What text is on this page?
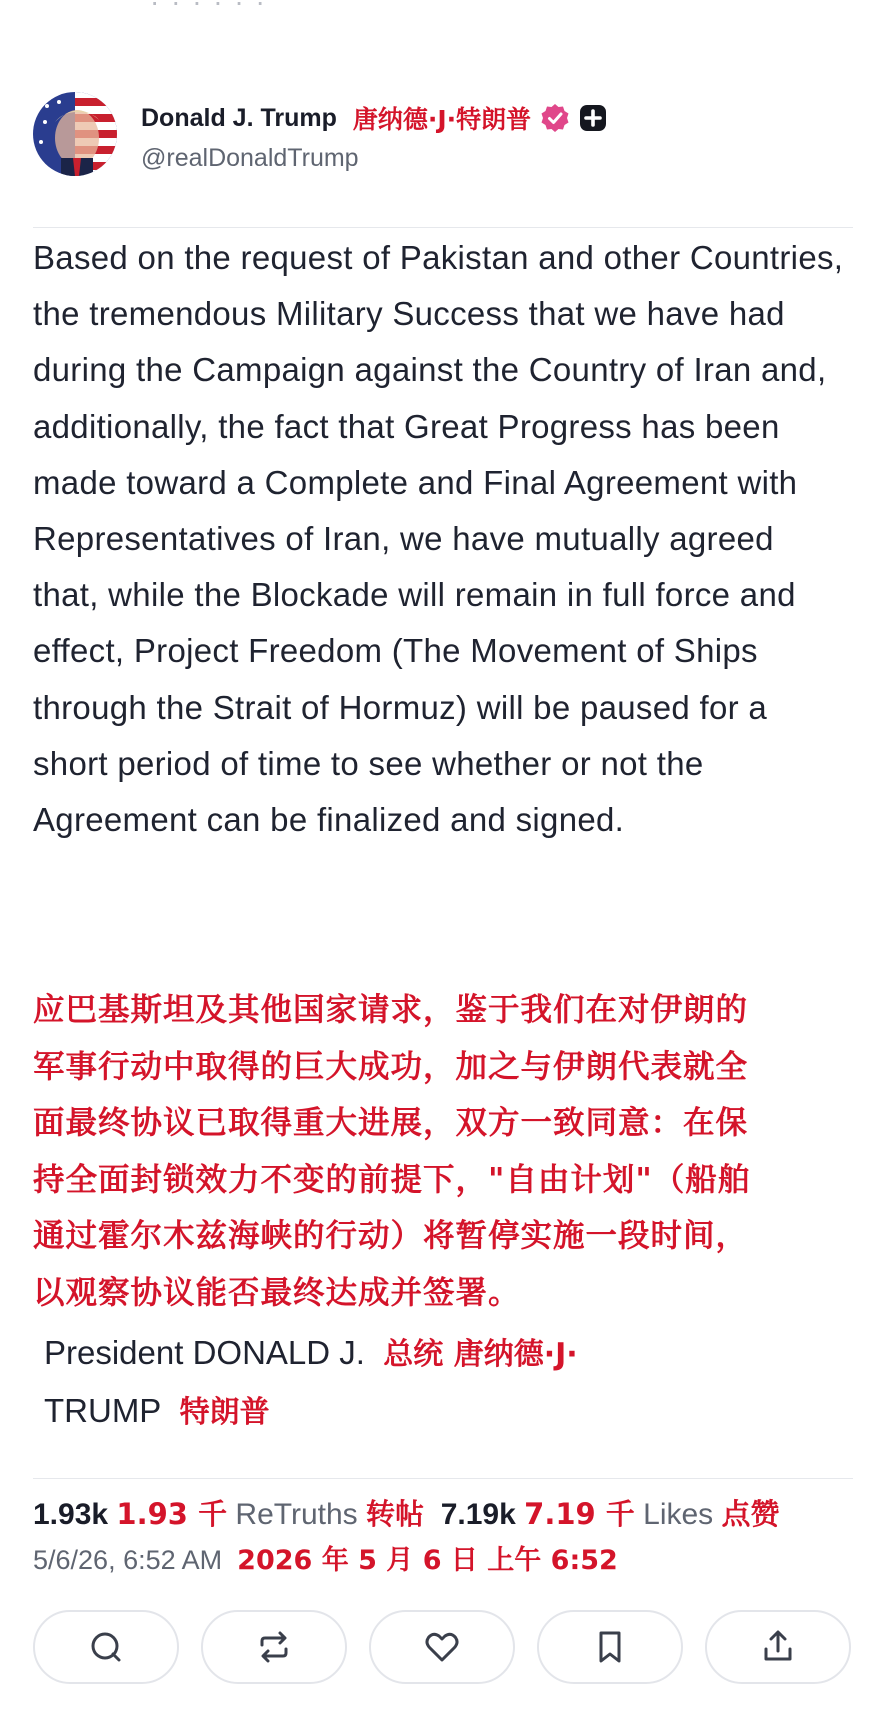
· · · · · ·
Donald J. Trump 唐纳德·J·特朗普
@realDonaldTrump
Based on the request of Pakistan and other Countries, the tremendous Military Success that we have had during the Campaign against the Country of Iran and, additionally, the fact that Great Progress has been made toward a Complete and Final Agreement with Representatives of Iran, we have mutually agreed that, while the Blockade will remain in full force and effect, Project Freedom (The Movement of Ships through the Strait of Hormuz) will be paused for a short period of time to see whether or not the Agreement can be finalized and signed.
应巴基斯坦及其他国家请求，鉴于我们在对伊朗的
军事行动中取得的巨大成功，加之与伊朗代表就全
面最终协议已取得重大进展，双方一致同意：在保
持全面封锁效力不变的前提下，"自由计划"（船舶
通过霍尔木兹海峡的行动）将暂停实施一段时间，
以观察协议能否最终达成并签署。
President DONALD J. 总统 唐纳德·J·
TRUMP 特朗普
1.93k 1.93 千 ReTruths 转帖 7.19k 7.19 千 Likes 点赞
5/6/26, 6:52 AM 2026 年 5 月 6 日 上午 6:52
